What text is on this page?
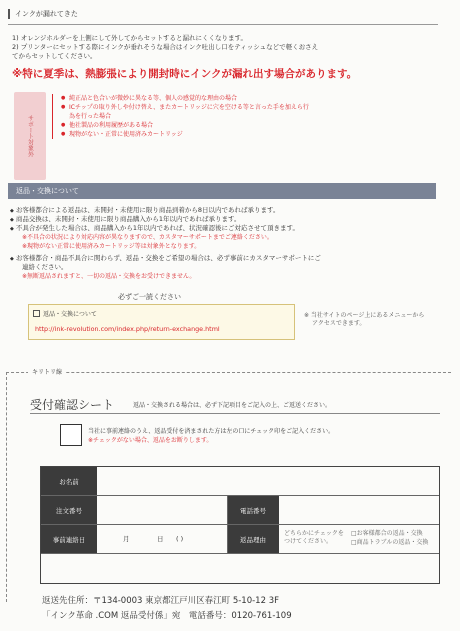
インクが漏れてきた
1) オレンジホルダーを上側にして外してからセットすると漏れにくくなります。
2) プリンターにセットする際にインクが垂れそうな場合はインク吐出し口をティッシュなどで軽くおさえ
てからセットしてください。
※特に夏季は、熱膨張により開封時にインクが漏れ出す場合があります。
サポート対象外
● 純正品と色合いが微妙に異なる等、個人の感覚的な理由の場合
● ICチップの取り外しや付け替え、またカートリッジに穴を空ける等と言った手を加えら行
為を行った場合
● 他社製品の利用履歴がある場合
● 現物がない・正常に使用済みカートリッジ
返品・交換について
◆ お客様都合による返品は、未開封・未使用に限り商品到着から8日以内であれば承ります。
◆ 商品交換は、未開封・未使用に限り商品購入から1年以内であれば承ります。
◆ 不具合が発生した場合は、商品購入から1年以内であれば、状況確認後にご対応させて頂きます。
※不具合の状況により対応内容が異なりますので、カスタマーサポートまでご連絡ください。
※現物がない正常に使用済みカートリッジ等は対象外となります。
◆ お客様都合・商品不具合に関わらず、返品・交換をご希望の場合は、必ず事前にカスタマーサポートにご
連絡ください。
※無断返品されますと、一切の返品・交換をお受けできません。
必ずご一読ください
返品・交換について
http://ink-revolution.com/index.php/return-exchange.html
※ 当社サイトのページ上にあるメニューから
アクセスできます。
キリトリ線
受付確認シート	返品・交換される場合は、必ず下記項目をご記入の上、ご返送ください。
当社に事前連絡のうえ、返品受付を済まされた方は左の口にチェック印をご記入ください。
※チェックがない場合、返品をお断りします。
お名前
注文番号
事前連絡日
電話番号
返品理由
月	日 ( )
どちらかにチェックを
つけてください。
□お客様都合の返品・交換
□商品トラブルの返品・交換
返送先住所：〒134-0003 東京都江戸川区春江町 5-10-12 3F
「インク革命 .COM 返品受付係」宛　電話番号：0120-761-109
